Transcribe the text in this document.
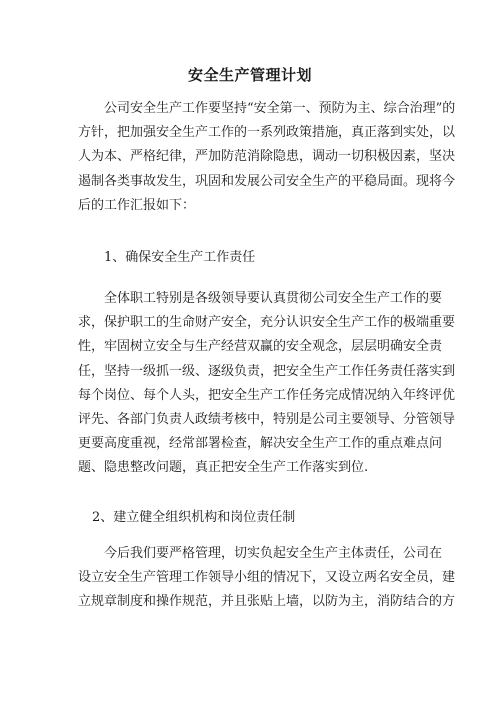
安全生产管理计划

公司安全生产工作要坚持“安全第一、预防为主、综合治理”的
方针，把加强安全生产工作的一系列政策措施，真正落到实处，以
人为本、严格纪律，严加防范消除隐患，调动一切积极因素，坚决
遏制各类事故发生，巩固和发展公司安全生产的平稳局面。现将今
后的工作汇报如下：

1、确保安全生产工作责任

全体职工特别是各级领导要认真贯彻公司安全生产工作的要
求，保护职工的生命财产安全，充分认识安全生产工作的极端重要
性，牢固树立安全与生产经营双赢的安全观念，层层明确安全责
任，坚持一级抓一级、逐级负责，把安全生产工作任务责任落实到
每个岗位、每个人头，把安全生产工作任务完成情况纳入年终评优
评先、各部门负责人政绩考核中，特别是公司主要领导、分管领导
更要高度重视，经常部署检查，解决安全生产工作的重点难点问
题、隐患整改问题，真正把安全生产工作落实到位.

2、建立健全组织机构和岗位责任制

今后我们要严格管理，切实负起安全生产主体责任，公司在
设立安全生产管理工作领导小组的情况下，又设立两名安全员，建
立规章制度和操作规范，并且张贴上墙，以防为主，消防结合的方
